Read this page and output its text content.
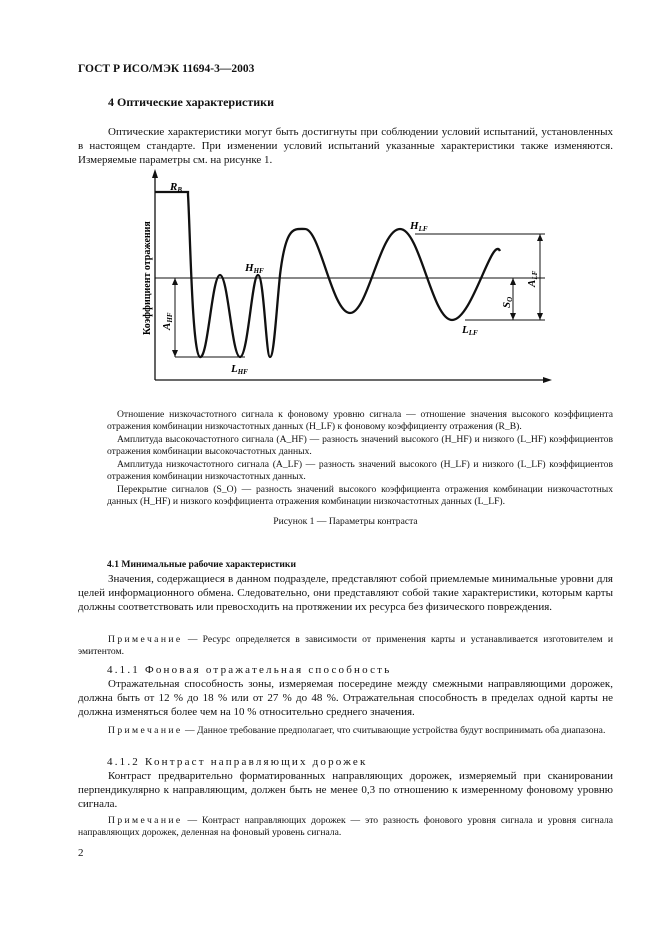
ГОСТ Р ИСО/МЭК 11694-3—2003
4 Оптические характеристики
Оптические характеристики могут быть достигнуты при соблюдении условий испытаний, установленных в настоящем стандарте. При изменении условий испытаний указанные характеристики также изменяются. Измеряемые параметры см. на рисунке 1.
Коэффициент отражения
RB
HHF
LHF
AHF
HLF
LLF
ALF
SO
Отношение низкочастотного сигнала к фоновому уровню сигнала — отношение значения высокого коэффициента отражения комбинации низкочастотных данных (H_LF) к фоновому коэффициенту отражения (R_B).
Амплитуда высокочастотного сигнала (A_HF) — разность значений высокого (H_HF) и низкого (L_HF) коэффициентов отражения комбинации высокочастотных данных.
Амплитуда низкочастотного сигнала (A_LF) — разность значений высокого (H_LF) и низкого (L_LF) коэффициентов отражения комбинации низкочастотных данных.
Перекрытие сигналов (S_O) — разность значений высокого коэффициента отражения комбинации низкочастотных данных (H_HF) и низкого коэффициента отражения комбинации низкочастотных данных (L_LF).
Рисунок 1 — Параметры контраста
4.1 Минимальные рабочие характеристики
Значения, содержащиеся в данном подразделе, представляют собой приемлемые минимальные уровни для целей информационного обмена. Следовательно, они представляют собой такие характеристики, которым карты должны соответствовать или превосходить на протяжении их ресурса без физического повреждения.
Примечание — Ресурс определяется в зависимости от применения карты и устанавливается изготовителем и эмитентом.
4.1.1 Фоновая отражательная способность
Отражательная способность зоны, измеряемая посередине между смежными направляющими дорожек, должна быть от 12 % до 18 % или от 27 % до 48 %. Отражательная способность в пределах одной карты не должна изменяться более чем на 10 % относительно среднего значения.
Примечание — Данное требование предполагает, что считывающие устройства будут воспринимать оба диапазона.
4.1.2 Контраст направляющих дорожек
Контраст предварительно форматированных направляющих дорожек, измеряемый при сканировании перпендикулярно к направляющим, должен быть не менее 0,3 по отношению к измеренному фоновому уровню сигнала.
Примечание — Контраст направляющих дорожек — это разность фонового уровня сигнала и уровня сигнала направляющих дорожек, деленная на фоновый уровень сигнала.
2
